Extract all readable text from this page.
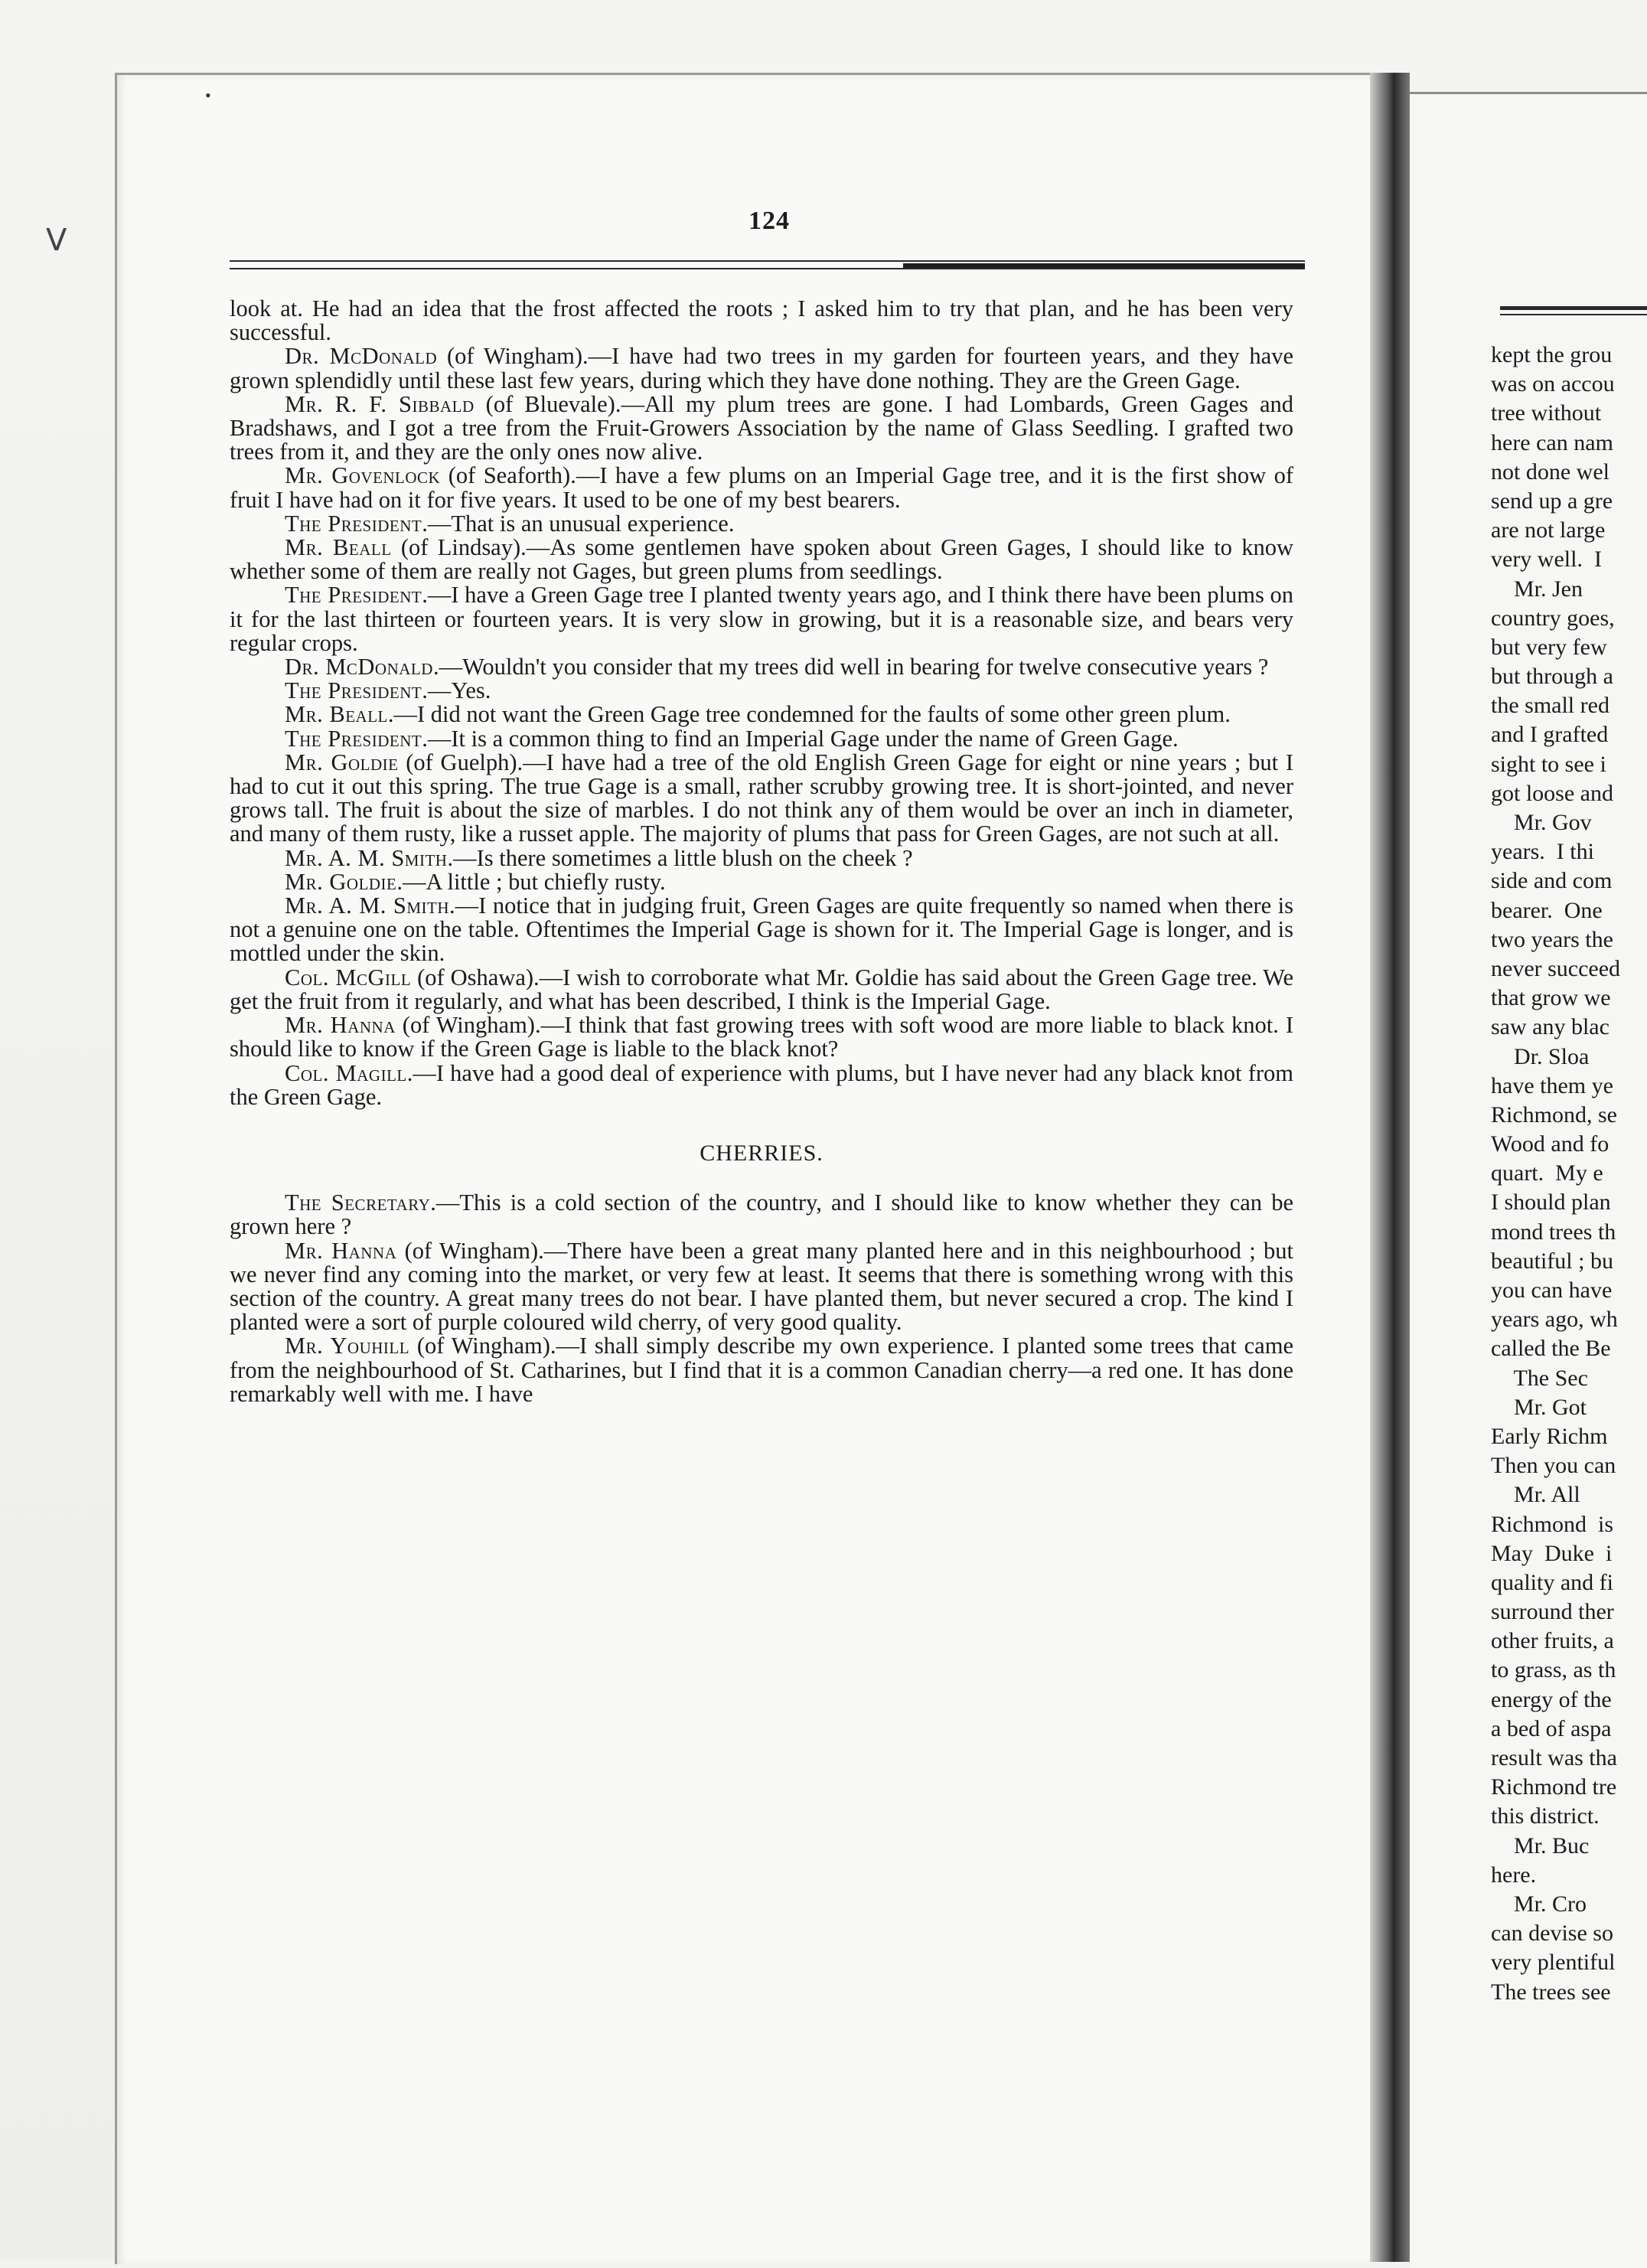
•
ᐯ
124

look at. He had an idea that the frost affected the roots ; I asked him to try that plan, and he has been very successful.

Dr. McDonald (of Wingham).—I have had two trees in my garden for fourteen years, and they have grown splendidly until these last few years, during which they have done nothing. They are the Green Gage.

Mr. R. F. Sibbald (of Bluevale).—All my plum trees are gone. I had Lombards, Green Gages and Bradshaws, and I got a tree from the Fruit-Growers Association by the name of Glass Seedling. I grafted two trees from it, and they are the only ones now alive.

Mr. Govenlock (of Seaforth).—I have a few plums on an Imperial Gage tree, and it is the first show of fruit I have had on it for five years. It used to be one of my best bearers.

The President.—That is an unusual experience.

Mr. Beall (of Lindsay).—As some gentlemen have spoken about Green Gages, I should like to know whether some of them are really not Gages, but green plums from seedlings.

The President.—I have a Green Gage tree I planted twenty years ago, and I think there have been plums on it for the last thirteen or fourteen years. It is very slow in growing, but it is a reasonable size, and bears very regular crops.

Dr. McDonald.—Wouldn't you consider that my trees did well in bearing for twelve consecutive years ?

The President.—Yes.

Mr. Beall.—I did not want the Green Gage tree condemned for the faults of some other green plum.

The President.—It is a common thing to find an Imperial Gage under the name of Green Gage.

Mr. Goldie (of Guelph).—I have had a tree of the old English Green Gage for eight or nine years ; but I had to cut it out this spring. The true Gage is a small, rather scrubby growing tree. It is short-jointed, and never grows tall. The fruit is about the size of marbles. I do not think any of them would be over an inch in diameter, and many of them rusty, like a russet apple. The majority of plums that pass for Green Gages, are not such at all.

Mr. A. M. Smith.—Is there sometimes a little blush on the cheek ?

Mr. Goldie.—A little ; but chiefly rusty.

Mr. A. M. Smith.—I notice that in judging fruit, Green Gages are quite frequently so named when there is not a genuine one on the table. Oftentimes the Imperial Gage is shown for it. The Imperial Gage is longer, and is mottled under the skin.

Col. McGill (of Oshawa).—I wish to corroborate what Mr. Goldie has said about the Green Gage tree. We get the fruit from it regularly, and what has been described, I think is the Imperial Gage.

Mr. Hanna (of Wingham).—I think that fast growing trees with soft wood are more liable to black knot. I should like to know if the Green Gage is liable to the black knot?

Col. Magill.—I have had a good deal of experience with plums, but I have never had any black knot from the Green Gage.

CHERRIES.

The Secretary.—This is a cold section of the country, and I should like to know whether they can be grown here ?

Mr. Hanna (of Wingham).—There have been a great many planted here and in this neighbourhood ; but we never find any coming into the market, or very few at least. It seems that there is something wrong with this section of the country. A great many trees do not bear. I have planted them, but never secured a crop. The kind I planted were a sort of purple coloured wild cherry, of very good quality.

Mr. Youhill (of Wingham).—I shall simply describe my own experience. I planted some trees that came from the neighbourhood of St. Catharines, but I find that it is a common Canadian cherry—a red one. It has done remarkably well with me. I have

kept the grou
was on accou
tree without
here can nam
not done wel
send up a gre
are not large
very well.  I
Mr. Jen
country goes,
but very few
but through a
the small red
and I grafted
sight to see i
got loose and
Mr. Gov
years.  I thi
side and com
bearer.  One
two years the
never succeed
that grow we
saw any blac
Dr. Sloa
have them ye
Richmond, se
Wood and fo
quart.  My e
I should plan
mond trees th
beautiful ; bu
you can have
years ago, wh
called the Be
The Sec
Mr. Got
Early Richm
Then you can
Mr. All
Richmond  is
May  Duke  i
quality and fi
surround ther
other fruits, a
to grass, as th
energy of the
a bed of aspa
result was tha
Richmond tre
this district.
Mr. Buc
here.
Mr. Cro
can devise so
very plentiful
The trees see
